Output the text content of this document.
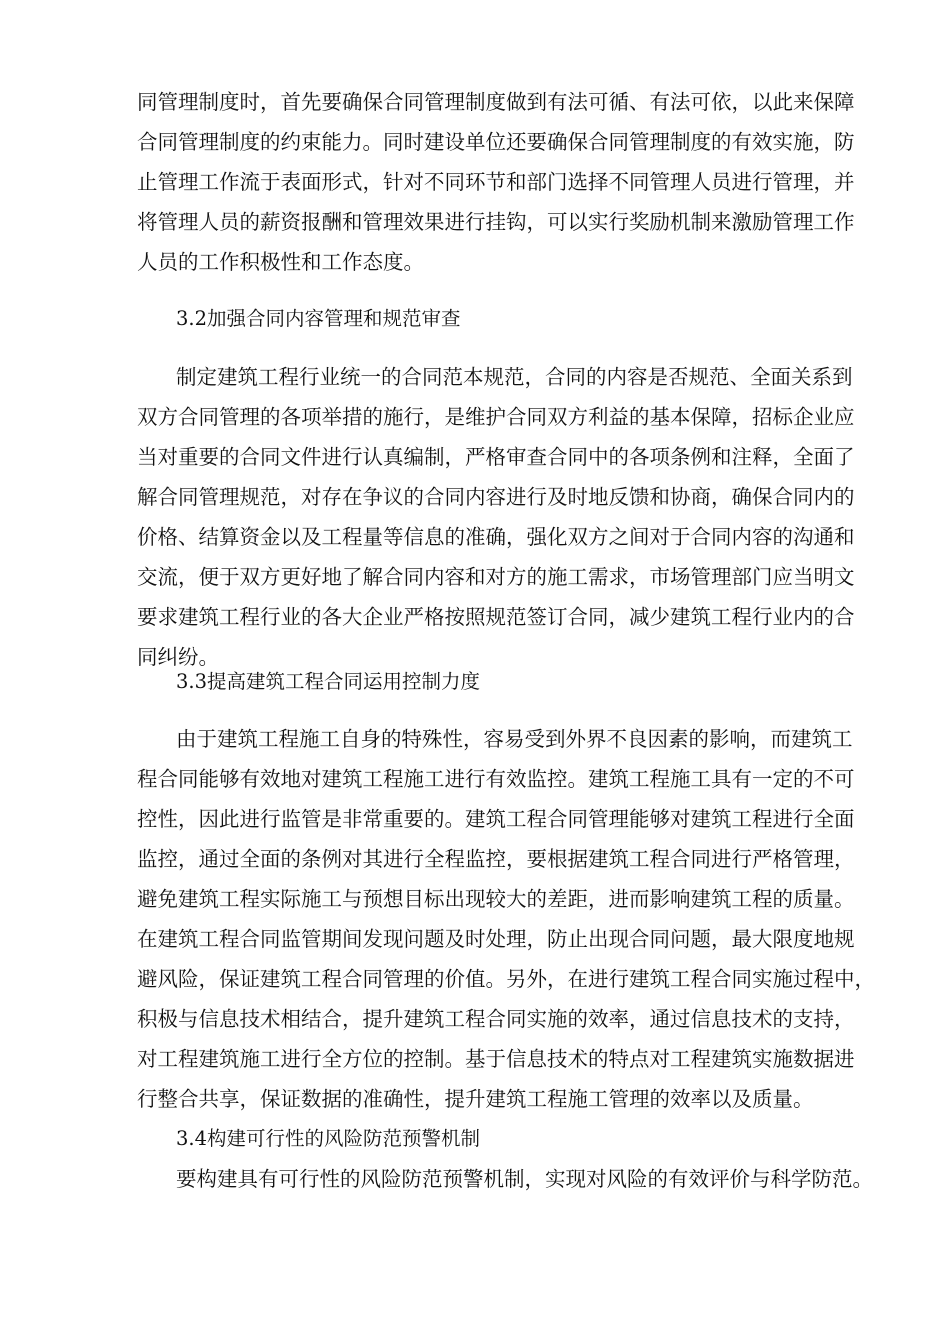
同管理制度时，首先要确保合同管理制度做到有法可循、有法可依，以此来保障
合同管理制度的约束能力。同时建设单位还要确保合同管理制度的有效实施，防
止管理工作流于表面形式，针对不同环节和部门选择不同管理人员进行管理，并
将管理人员的薪资报酬和管理效果进行挂钩，可以实行奖励机制来激励管理工作
人员的工作积极性和工作态度。
3.2加强合同内容管理和规范审查
制定建筑工程行业统一的合同范本规范，合同的内容是否规范、全面关系到
双方合同管理的各项举措的施行，是维护合同双方利益的基本保障，招标企业应
当对重要的合同文件进行认真编制，严格审查合同中的各项条例和注释，全面了
解合同管理规范，对存在争议的合同内容进行及时地反馈和协商，确保合同内的
价格、结算资金以及工程量等信息的准确，强化双方之间对于合同内容的沟通和
交流，便于双方更好地了解合同内容和对方的施工需求，市场管理部门应当明文
要求建筑工程行业的各大企业严格按照规范签订合同，减少建筑工程行业内的合
同纠纷。
3.3提高建筑工程合同运用控制力度
由于建筑工程施工自身的特殊性，容易受到外界不良因素的影响，而建筑工
程合同能够有效地对建筑工程施工进行有效监控。建筑工程施工具有一定的不可
控性，因此进行监管是非常重要的。建筑工程合同管理能够对建筑工程进行全面
监控，通过全面的条例对其进行全程监控，要根据建筑工程合同进行严格管理，
避免建筑工程实际施工与预想目标出现较大的差距，进而影响建筑工程的质量。
在建筑工程合同监管期间发现问题及时处理，防止出现合同问题，最大限度地规
避风险，保证建筑工程合同管理的价值。另外，在进行建筑工程合同实施过程中，
积极与信息技术相结合，提升建筑工程合同实施的效率，通过信息技术的支持，
对工程建筑施工进行全方位的控制。基于信息技术的特点对工程建筑实施数据进
行整合共享，保证数据的准确性，提升建筑工程施工管理的效率以及质量。
3.4构建可行性的风险防范预警机制
要构建具有可行性的风险防范预警机制，实现对风险的有效评价与科学防范。
